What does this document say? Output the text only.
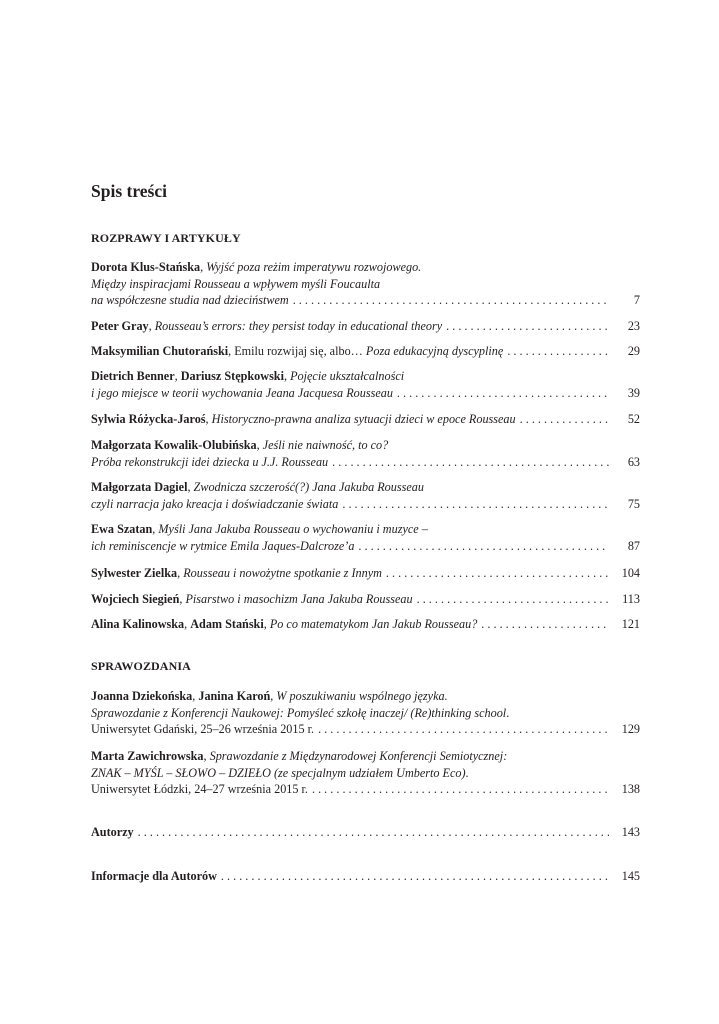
Spis treści
ROZPRAWY I ARTYKUŁY
Dorota Klus-Stańska, Wyjść poza reżim imperatywu rozwojowego.
Między inspiracjami Rousseau a wpływem myśli Foucaulta
na współczesne studia nad dzieciństwem . . .	7
Peter Gray, Rousseau’s errors: they persist today in educational theory . . .	23
Maksymilian Chutorański, Emilu rozwijaj się, albo… Poza edukacyjną dyscyplinę . . .	29
Dietrich Benner, Dariusz Stępkowski, Pojęcie ukształcalności
i jego miejsce w teorii wychowania Jeana Jacquesa Rousseau . . .	39
Sylwia Różycka-Jaroś, Historyczno-prawna analiza sytuacji dzieci w epoce Rousseau . . .	52
Małgorzata Kowalik-Olubińska, Jeśli nie naiwność, to co?
Próba rekonstrukcji idei dziecka u J.J. Rousseau . . .	63
Małgorzata Dagiel, Zwodnicza szczerość(?) Jana Jakuba Rousseau
czyli narracja jako kreacja i doświadczanie świata . . .	75
Ewa Szatan, Myśli Jana Jakuba Rousseau o wychowaniu i muzyce –
ich reminiscencje w rytmice Emila Jaques-Dalcroze’a . . .	87
Sylwester Zielka, Rousseau i nowożytne spotkanie z Innym . . .	104
Wojciech Siegień, Pisarstwo i masochizm Jana Jakuba Rousseau . . .	113
Alina Kalinowska, Adam Stański, Po co matematykom Jan Jakub Rousseau? . . .	121
SPRAWOZDANIA
Joanna Dziekońska, Janina Karoń, W poszukiwaniu wspólnego języka.
Sprawozdanie z Konferencji Naukowej: Pomyśleć szkołę inaczej/ (Re)thinking school.
Uniwersytet Gdański, 25–26 września 2015 r. . . .	129
Marta Zawichrowska, Sprawozdanie z Międzynarodowej Konferencji Semiotycznej:
ZNAK – MYŚL – SŁOWO – DZIEŁO (ze specjalnym udziałem Umberto Eco).
Uniwersytet Łódzki, 24–27 września 2015 r. . . .	138
Autorzy . . .	143
Informacje dla Autorów . . .	145
